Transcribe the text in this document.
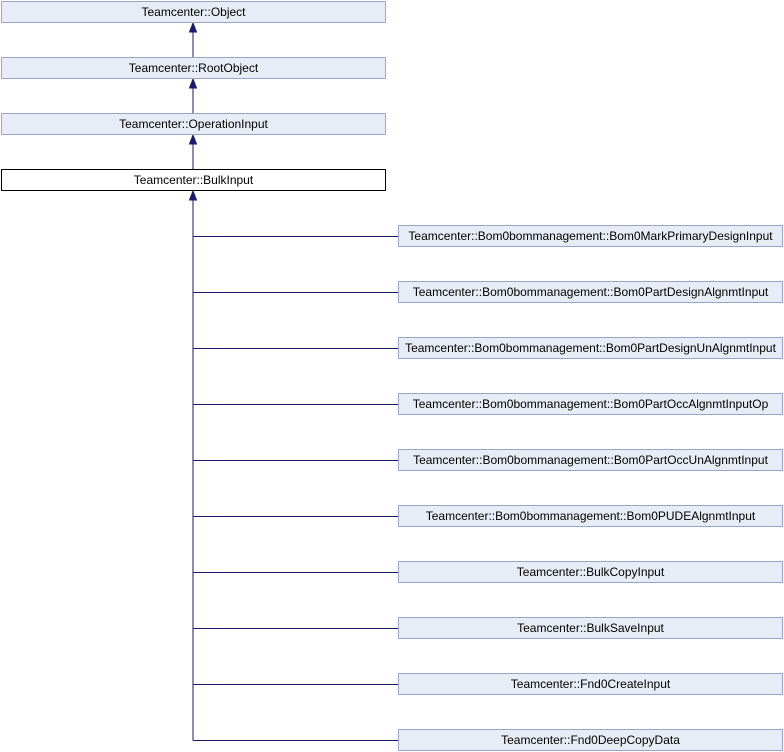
Teamcenter::Object
Teamcenter::RootObject
Teamcenter::OperationInput
Teamcenter::BulkInput
Teamcenter::Bom0bommanagement::Bom0MarkPrimaryDesignInput
Teamcenter::Bom0bommanagement::Bom0PartDesignAlgnmtInput
Teamcenter::Bom0bommanagement::Bom0PartDesignUnAlgnmtInput
Teamcenter::Bom0bommanagement::Bom0PartOccAlgnmtInputOp
Teamcenter::Bom0bommanagement::Bom0PartOccUnAlgnmtInput
Teamcenter::Bom0bommanagement::Bom0PUDEAlgnmtInput
Teamcenter::BulkCopyInput
Teamcenter::BulkSaveInput
Teamcenter::Fnd0CreateInput
Teamcenter::Fnd0DeepCopyData
